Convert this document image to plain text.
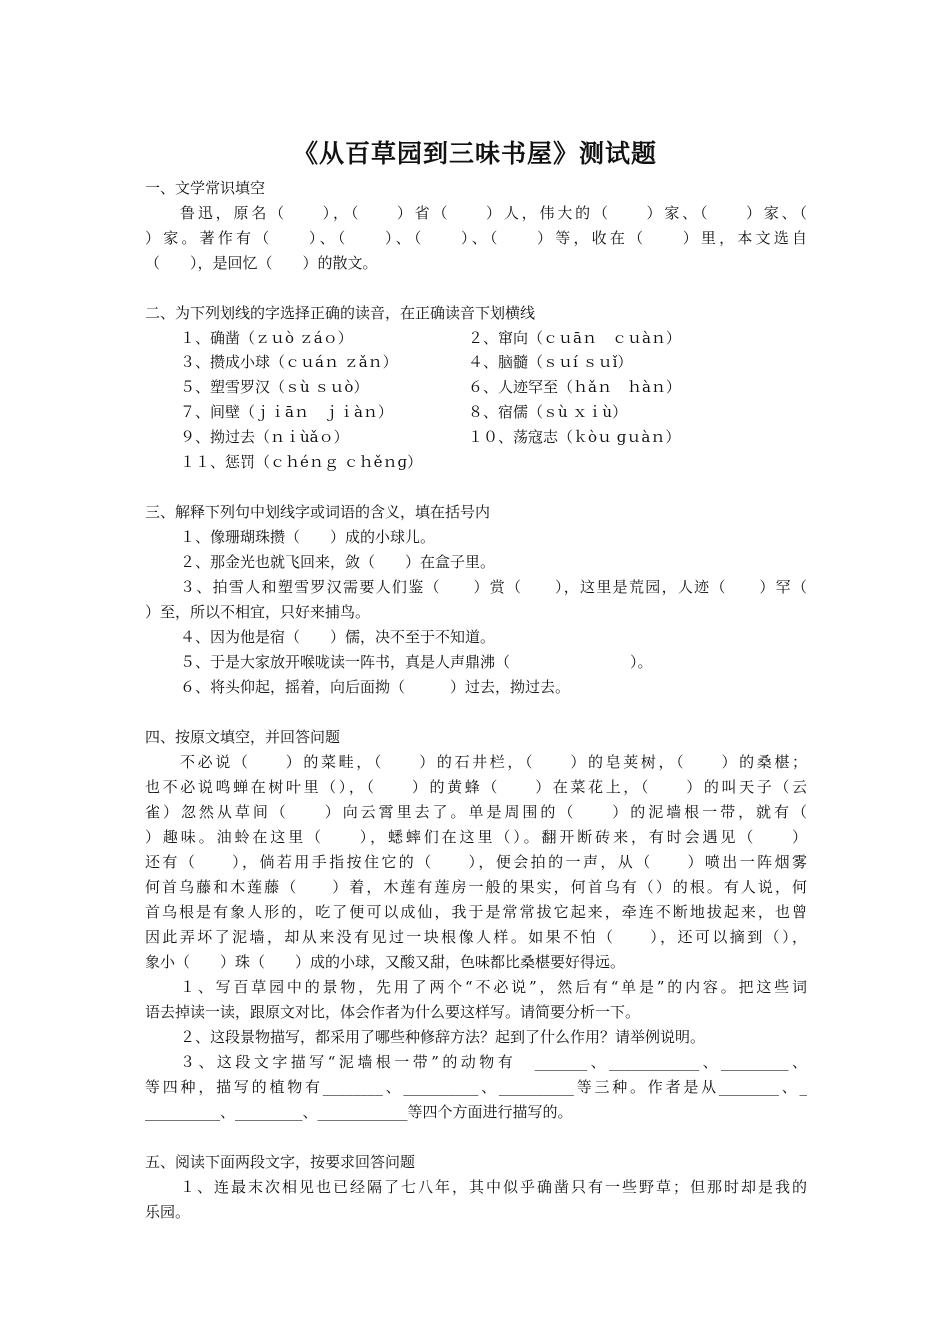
《从百草园到三味书屋》测试题
一、文学常识填空
鲁迅，原名（　　），（　　）省（　　）人，伟大的（　　）家、（　　）家、（
）家。著作有（　　）、（　　）、（　　）、（　　）等，收在（　　）里，本文选自
（　　），是回忆（　　）的散文。
二、为下列划线的字选择正确的读音，在正确读音下划横线
１、确凿（ｚｕò ｚáｏ）	２、窜向（ｃｕāｎ　ｃｕàｎ）
３、攒成小球（ｃｕáｎ ｚǎｎ）	４、脑髓（ｓｕí ｓｕǐ）
５、塑雪罗汉（ｓù ｓｕò）	６、人迹罕至（ｈǎｎ　ｈàｎ）
７、间壁（ｊｉāｎ　ｊｉàｎ）	８、宿儒（ｓù ｘｉù）
９、拗过去（ｎｉùǎｏ）	１０、荡寇志（ｋòｕ ɡｕàｎ）
１１、惩罚（ｃｈéｎｇ ｃｈěｎɡ）
三、解释下列句中划线字或词语的含义，填在括号内
１、像珊瑚珠攒（　　）成的小球儿。
２、那金光也就飞回来，敛（　　）在盒子里。
３、拍雪人和塑雪罗汉需要人们鉴（　　）赏（　　），这里是荒园，人迹（　　）罕（
）至，所以不相宜，只好来捕鸟。
４、因为他是宿（　　）儒，决不至于不知道。
５、于是大家放开喉咙读一阵书，真是人声鼎沸（　　　　　　　　）。
６、将头仰起，摇着，向后面拗（　　　）过去，拗过去。
四、按原文填空，并回答问题
不必说（　　）的菜畦，（　　）的石井栏，（　　）的皂荚树，（　　）的桑椹；
也不必说鸣蝉在树叶里（），（　　）的黄蜂（　　）在菜花上，（　　）的叫天子（云
雀）忽然从草间（　　）向云霄里去了。单是周围的（　　）的泥墙根一带，就有（
）趣味。油蛉在这里（　　），蟋蟀们在这里（）。翻开断砖来，有时会遇见（　　）
还有（　　），倘若用手指按住它的（　　），便会拍的一声，从（　　）喷出一阵烟雾
何首乌藤和木莲藤（　　）着，木莲有莲房一般的果实，何首乌有（）的根。有人说，何
首乌根是有象人形的，吃了便可以成仙，我于是常常拔它起来，牵连不断地拔起来，也曾
因此弄坏了泥墙，却从来没有见过一块根像人样。如果不怕（　　），还可以摘到（），
象小（　　）珠（　　）成的小球，又酸又甜，色味都比桑椹要好得远。
１、写百草园中的景物，先用了两个“不必说”，然后有“单是”的内容。把这些词
语去掉读一读，跟原文对比，体会作者为什么要这样写。请简要分析一下。
２、这段景物描写，都采用了哪些种修辞方法？起到了什么作用？请举例说明。
３、这段文字描写“泥墙根一带”的动物有　_______、____________、_________、
等四种，描写的植物有________、__________、__________等三种。作者是从________、_
__________、_________、____________等四个方面进行描写的。
五、阅读下面两段文字，按要求回答问题
１、连最末次相见也已经隔了七八年，其中似乎确凿只有一些野草；但那时却是我的
乐园。
